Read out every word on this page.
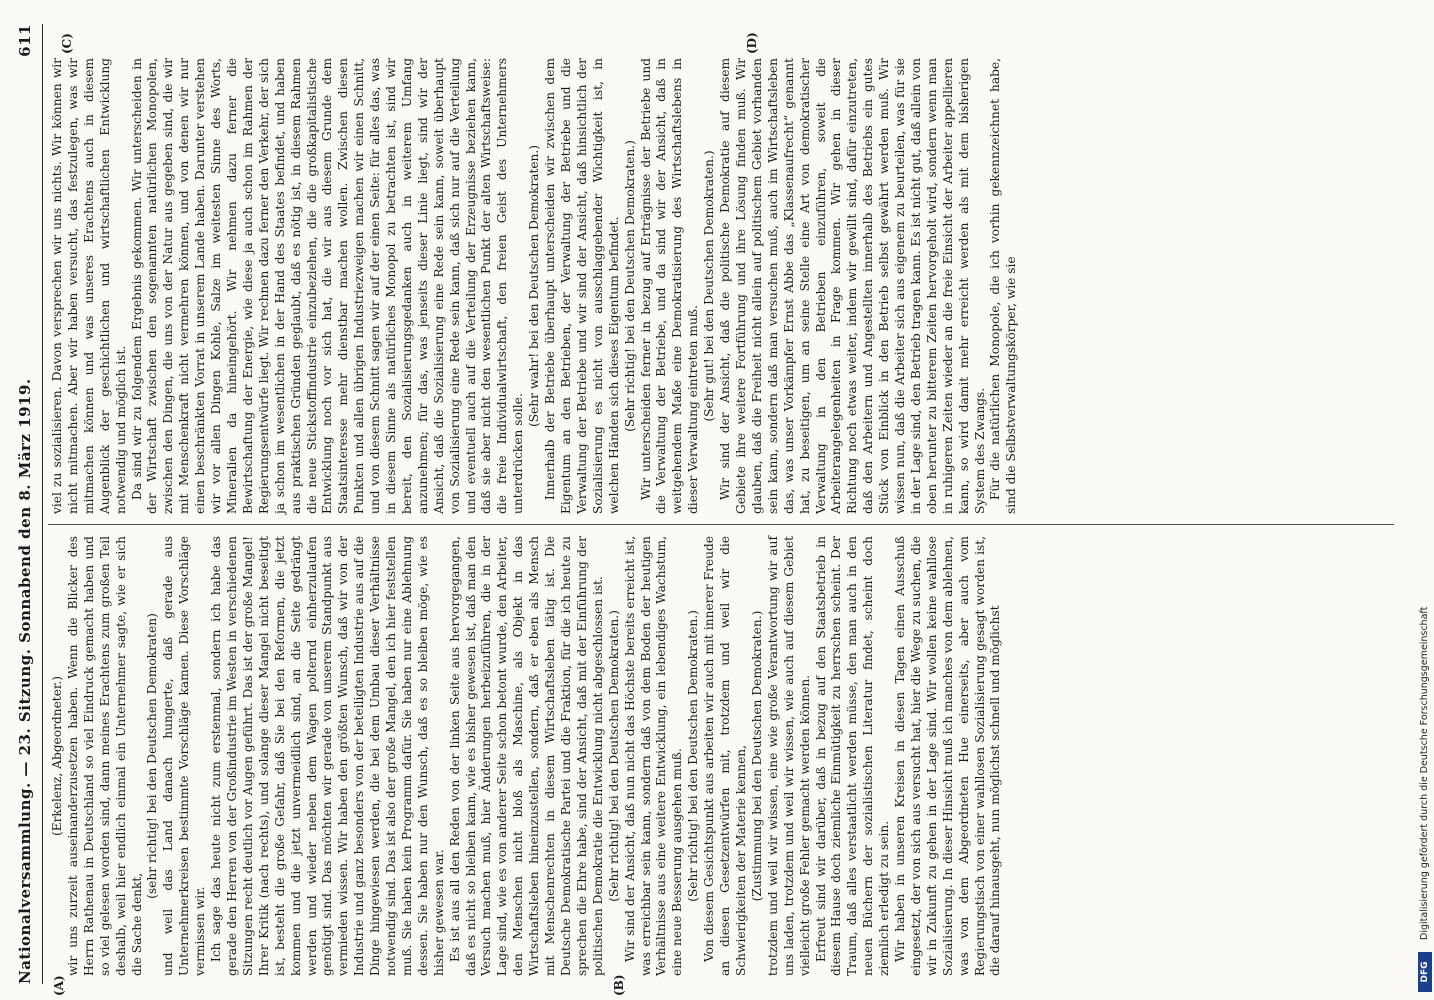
Nationalversammlung. — 23. Sitzung. Sonnabend den 8. März 1919.
611
(A)	(B)
(C)	(D)

(Erkelenz, Abgeordneter.) wir uns zurzeit auseinanderzusetzen haben. Wenn die Blicker des Herrn Rathenau in Deutschland so viel Eindruck gemacht haben und so viel gelesen worden sind, dann meines Erachtens zum großen Teil deshalb, weil hier endlich einmal ein Unternehmer sagte, wie er sich die Sache denkt,

(sehr richtig! bei den Deutschen Demokraten) und weil das Land danach hungerte, daß gerade aus Unternehmerkreisen bestimmte Vorschläge kamen. Diese Vorschläge vermissen wir. Ich sage das heute nicht zum erstenmal, sondern ich habe das gerade den Herren von der Großindustrie im Westen in verschiedenen Sitzungen recht deutlich vor Augen geführt. Das ist der große Mangel! Ihrer Kritik (nach rechts), und solange dieser Mangel nicht beseitigt ist, besteht die große Gefahr, daß Sie bei den Reformen, die jetzt kommen und die jetzt unvermeidlich sind, an die Seite gedrängt werden und wieder neben dem Wagen polternd einherzulaufen genötigt sind. Das möchten wir gerade von unserem Standpunkt aus vermieden wissen. Wir haben den größten Wunsch, daß wir von der Industrie und ganz besonders von der beteiligten Industrie aus auf die Dinge hingewiesen werden, die bei dem Umbau dieser Verhältnisse notwendig sind. Das ist also der große Mangel, den ich hier feststellen muß. Sie haben kein Programm dafür. Sie haben nur eine Ablehnung dessen. Sie haben nur den Wunsch, daß es so bleiben möge, wie es hisher gewesen war. Es ist aus all den Reden von der linken Seite aus hervorgegangen, daß es nicht so bleiben kann, wie es bisher gewesen ist, daß man den Versuch machen muß, hier Änderungen herbeizuführen, die in der Lage sind, wie es von anderer Seite schon betont wurde, den Arbeiter, den Menschen nicht bloß als Maschine, als Objekt in das Wirtschaftsleben hineinzustellen, sondern, daß er eben als Mensch mit Menschenrechten in diesem Wirtschaftsleben tätig ist. Die Deutsche Demokratische Partei und die Fraktion, für die ich heute zu sprechen die Ehre habe, sind der Ansicht, daß mit der Einführung der politischen Demokratie die Entwicklung nicht abgeschlossen ist. (Sehr richtig! bei den Deutschen Demokraten.) Wir sind der Ansicht, daß nun nicht das Höchste bereits erreicht ist, was erreichbar sein kann, sondern daß von dem Boden der heutigen Verhältnisse aus eine weitere Entwicklung, ein lebendiges Wachstum, eine neue Besserung ausgehen muß. (Sehr richtig! bei den Deutschen Demokraten.) Von diesem Gesichtspunkt aus arbeiten wir auch mit innerer Freude an diesen Gesetzentwürfen mit, trotzdem und weil wir die Schwierigkeiten der Materie kennen, (Zustimmung bei den Deutschen Demokraten.) trotzdem und weil wir wissen, eine wie große Verantwortung wir auf uns laden, trotzdem und weil wir wissen, wie auch auf diesem Gebiet vielleicht große Fehler gemacht werden können. Erfreut sind wir darüber, daß in bezug auf den Staatsbetrieb in diesem Hause doch ziemliche Einmütigkeit zu herrschen scheint. Der Traum, daß alles verstaatlicht werden müsse, den man auch in den neuen Büchern der sozialistischen Literatur findet, scheint doch ziemlich erledigt zu sein. Wir haben in unseren Kreisen in diesen Tagen einen Ausschuß eingesetzt, der von sich aus versucht hat, hier die Wege zu suchen, die wir in Zukunft zu gehen in der Lage sind. Wir wollen keine wahllose Sozialisierung. In dieser Hinsicht muß ich manches von dem ablehnen, was von dem Abgeordneten Hue einerseits, aber auch vom Regierungstisch von einer wahllosen Sozialisierung gesagt worden ist, die darauf hinausgeht, nun möglichst schnell und möglichst

viel zu sozialisieren. Davon versprechen wir uns nichts. Wir können wir nicht mitmachen. Aber wir haben versucht, das festzulegen, was wir mitmachen können und was unseres Erachtens auch in diesem Augenblick der geschichtlichen und wirtschaftlichen Entwicklung notwendig und möglich ist. Da sind wir zu folgendem Ergebnis gekommen. Wir unterscheiden in der Wirtschaft zwischen den sogenannten natürlichen Monopolen, zwischen den Dingen, die uns von der Natur aus gegeben sind, die wir mit Menschenkraft nicht vermehren können, und von denen wir nur einen beschränkten Vorrat in unserem Lande haben. Darunter verstehen wir vor allen Dingen Kohle, Salze im weitesten Sinne des Worts, Mineralien da hineingehört. Wir nehmen dazu ferner die Bewirtschaftung der Energie, wie diese ja auch schon im Rahmen der Regierungsentwürfe liegt. Wir rechnen dazu ferner den Verkehr, der sich ja schon im wesentlichen in der Hand des Staates befindet, und haben aus praktischen Gründen geglaubt, daß es nötig ist, in diesem Rahmen die neue Stickstoffindustrie einzubeziehen, die die großkapitalistische Entwicklung noch vor sich hat, die wir aus diesem Grunde dem Staatsinteresse mehr dienstbar machen wollen. Zwischen diesen Punkten und allen übrigen Industriezweigen machen wir einen Schnitt, und von diesem Schnitt sagen wir auf der einen Seite: für alles das, was in diesem Sinne als natürliches Monopol zu betrachten ist, sind wir bereit, den Sozialisierungsgedanken auch in weiterem Umfang anzunehmen; für das, was jenseits dieser Linie liegt, sind wir der Ansicht, daß die Sozialisierung eine Rede sein kann, soweit überhaupt von Sozialisierung eine Rede sein kann, daß sich nur auf die Verteilung und eventuell auch auf die Verteilung der Erzeugnisse beziehen kann, daß sie aber nicht den wesentlichen Punkt der alten Wirtschaftsweise: die freie Individualwirtschaft, den freien Geist des Unternehmers unterdrücken solle.

(Sehr wahr! bei den Deutschen Demokraten.) Innerhalb der Betriebe überhaupt unterscheiden wir zwischen dem Eigentum an den Betrieben, der Verwaltung der Betriebe und die Verwaltung der Betriebe und wir sind der Ansicht, daß hinsichtlich der Sozialisierung es nicht von ausschlaggebender Wichtigkeit ist, in welchen Händen sich dieses Eigentum befindet. (Sehr richtig! bei den Deutschen Demokraten.) Wir unterscheiden ferner in bezug auf Erträgnisse der Betriebe und die Verwaltung der Betriebe, und da sind wir der Ansicht, daß in weitgehendem Maße eine Demokratisierung des Wirtschaftslebens in dieser Verwaltung eintreten muß. (Sehr gut! bei den Deutschen Demokraten.) Wir sind der Ansicht, daß die politische Demokratie auf diesem Gebiete ihre weitere Fortführung und ihre Lösung finden muß. Wir glauben, daß die Freiheit nicht allein auf politischem Gebiet vorhanden sein kann, sondern daß man versuchen muß, auch im Wirtschaftsleben das, was unser Vorkämpfer Ernst Abbe das „Klassenaufrecht“ genannt hat, zu beseitigen, um an seine Stelle eine Art von demokratischer Verwaltung in den Betrieben einzuführen, soweit die Arbeiterangelegenheiten in Frage kommen. Wir gehen in dieser Richtung noch etwas weiter, indem wir gewillt sind, dafür einzutreten, daß den Arbeitern und Angestellten innerhalb des Betriebs ein gutes Stück von Einblick in den Betrieb selbst gewährt werden muß. Wir wissen nun, daß die Arbeiter sich aus eigenem zu beurteilen, was für sie in der Lage sind, den Betrieb tragen kann. Es ist nicht gut, daß allein von oben herunter zu bitterem Zeiten hervorgeholt wird, sondern wenn man in ruhigeren Zeiten wieder an die freie Einsicht der Arbeiter appellieren kann, so wird damit mehr erreicht werden als mit dem bisherigen System des Zwangs. Für die natürlichen Monopole, die ich vorhin gekennzeichnet habe, sind die Selbstverwaltungskörper, wie sie

DFG
Digitalisierung gefördert durch die Deutsche Forschungsgemeinschaft
